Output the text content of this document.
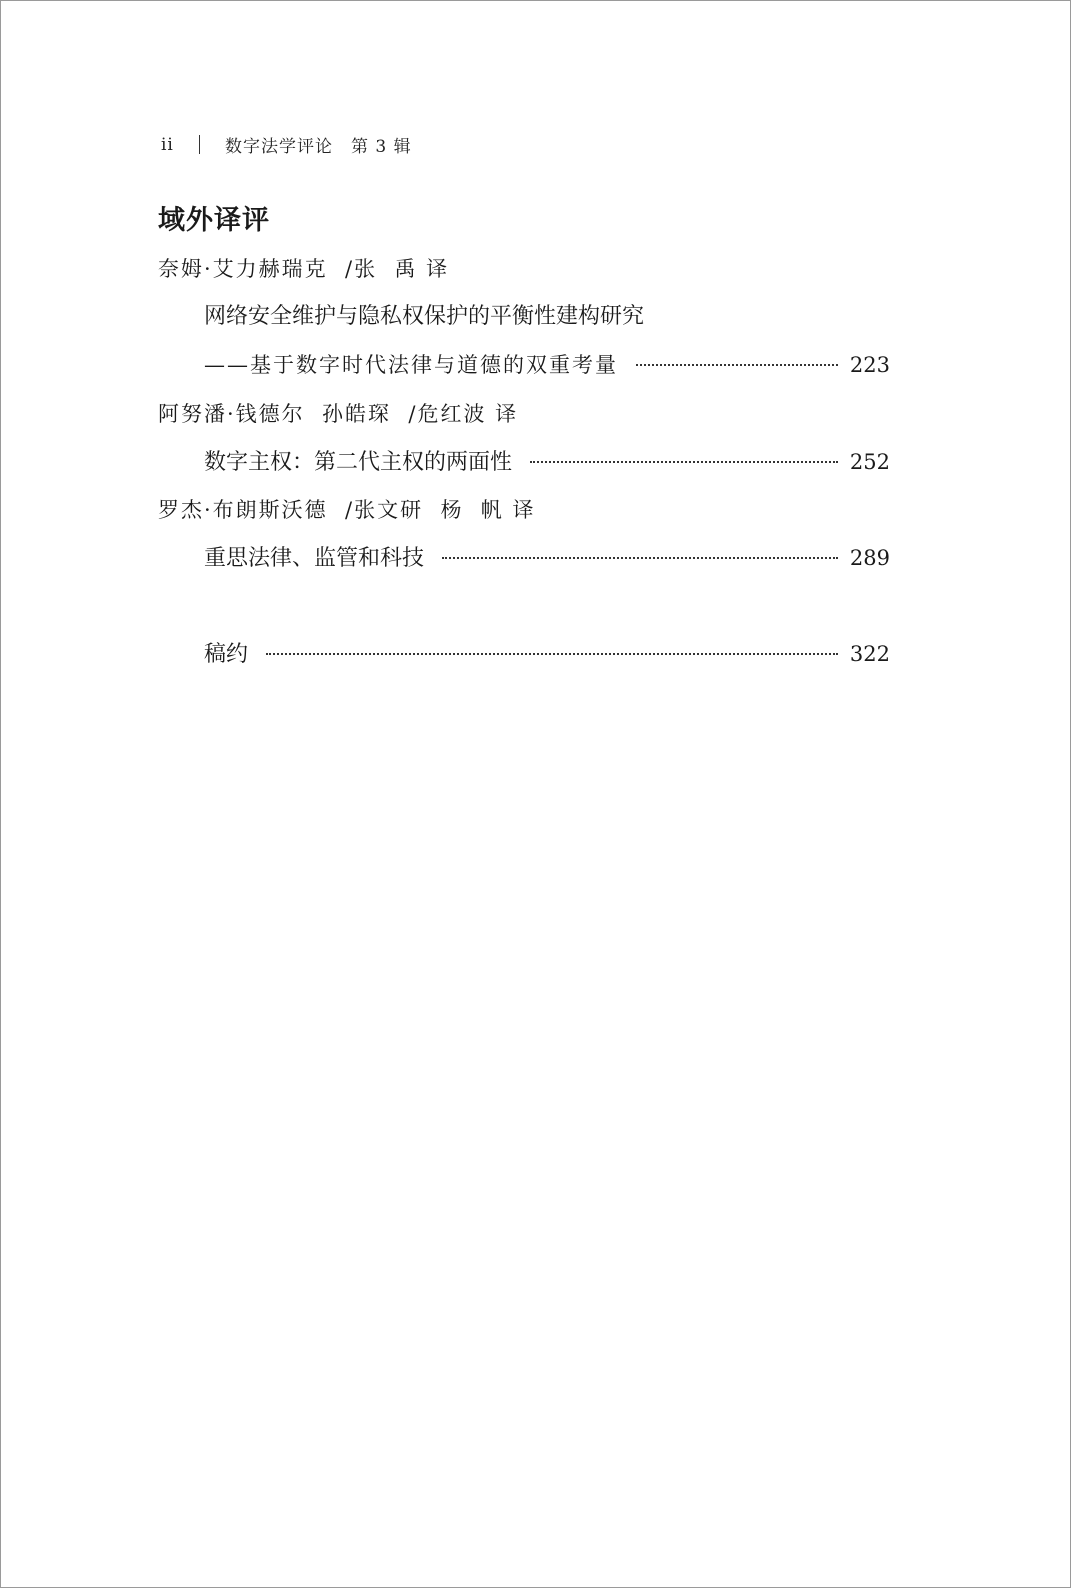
ii	数字法学评论 第 3 辑
域外译评
奈姆·艾力赫瑞克  /张  禹 译
网络安全维护与隐私权保护的平衡性建构研究
——基于数字时代法律与道德的双重考量	223
阿努潘·钱德尔  孙皓琛  /危红波 译
数字主权：第二代主权的两面性	252
罗杰·布朗斯沃德  /张文研  杨  帆 译
重思法律、监管和科技	289
稿约	322
